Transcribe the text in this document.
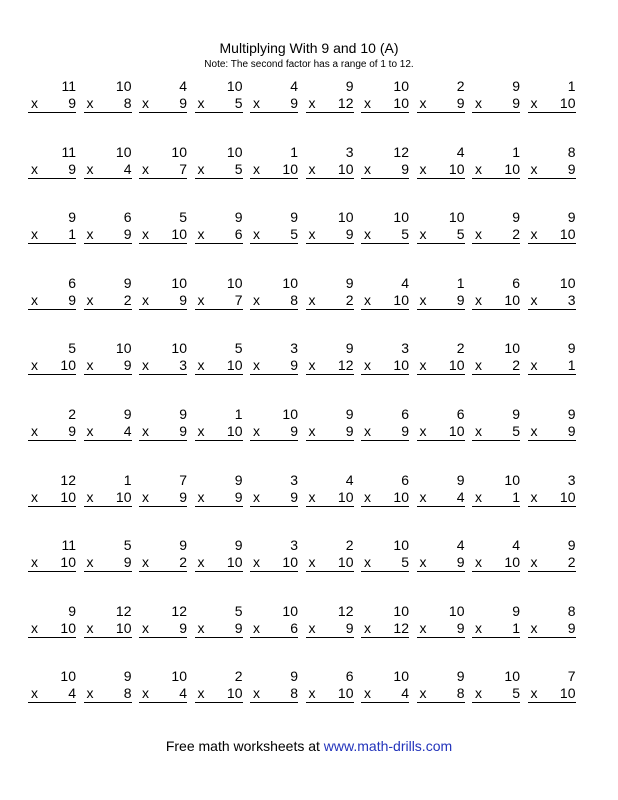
Multiplying With 9 and 10 (A)
Note: The second factor has a range of 1 to 12.
11
x 9
10
x 8
4
x 9
10
x 5
4
x 9
9
x 12
10
x 10
2
x 9
9
x 9
1
x 10
11
x 9
10
x 4
10
x 7
10
x 5
1
x 10
3
x 10
12
x 9
4
x 10
1
x 10
8
x 9
9
x 1
6
x 9
5
x 10
9
x 6
9
x 5
10
x 9
10
x 5
10
x 5
9
x 2
9
x 10
6
x 9
9
x 2
10
x 9
10
x 7
10
x 8
9
x 2
4
x 10
1
x 9
6
x 10
10
x 3
5
x 10
10
x 9
10
x 3
5
x 10
3
x 9
9
x 12
3
x 10
2
x 10
10
x 2
9
x 1
2
x 9
9
x 4
9
x 9
1
x 10
10
x 9
9
x 9
6
x 9
6
x 10
9
x 5
9
x 9
12
x 10
1
x 10
7
x 9
9
x 9
3
x 9
4
x 10
6
x 10
9
x 4
10
x 1
3
x 10
11
x 10
5
x 9
9
x 2
9
x 10
3
x 10
2
x 10
10
x 5
4
x 9
4
x 10
9
x 2
9
x 10
12
x 10
12
x 9
5
x 9
10
x 6
12
x 9
10
x 12
10
x 9
9
x 1
8
x 9
10
x 4
9
x 8
10
x 4
2
x 10
9
x 8
6
x 10
10
x 4
9
x 8
10
x 5
7
x 10
Free math worksheets at www.math-drills.com
